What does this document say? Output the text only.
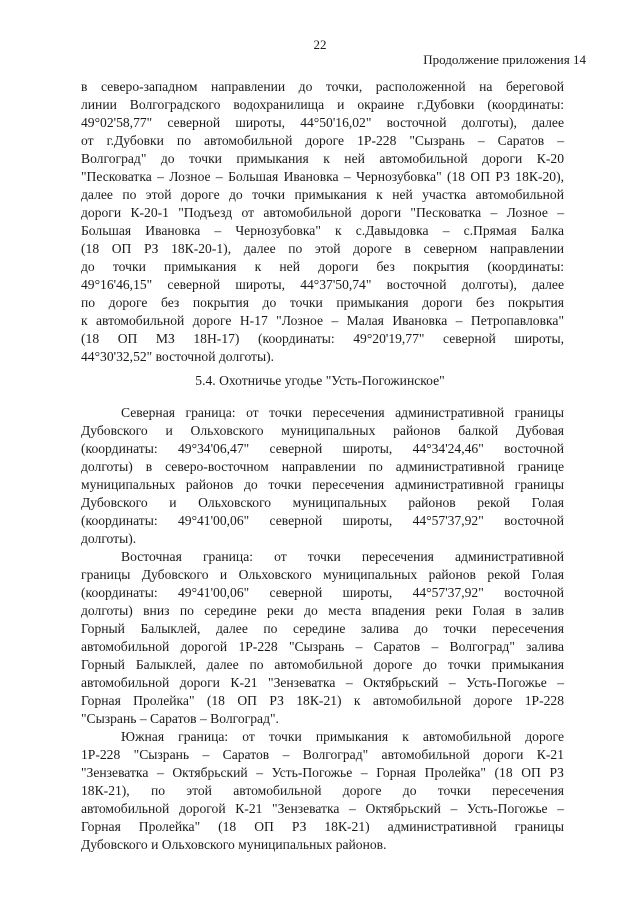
22
Продолжение приложения 14
в северо-западном направлении до точки, расположенной на береговой
линии Волгоградского водохранилища и окраине г.Дубовки (координаты:
49°02'58,77" северной широты, 44°50'16,02" восточной долготы), далее
от г.Дубовки по автомобильной дороге 1Р-228 "Сызрань – Саратов –
Волгоград" до точки примыкания к ней автомобильной дороги К-20
"Песковатка – Лозное – Большая Ивановка – Чернозубовка" (18 ОП РЗ 18К-20),
далее по этой дороге до точки примыкания к ней участка автомобильной
дороги К-20-1 "Подъезд от автомобильной дороги "Песковатка – Лозное –
Большая Ивановка – Чернозубовка" к с.Давыдовка – с.Прямая Балка
(18 ОП РЗ 18К-20-1), далее по этой дороге в северном направлении
до точки примыкания к ней дороги без покрытия (координаты:
49°16'46,15" северной широты, 44°37'50,74" восточной долготы), далее
по дороге без покрытия до точки примыкания дороги без покрытия
к автомобильной дороге Н-17 "Лозное – Малая Ивановка – Петропавловка"
(18 ОП МЗ 18Н-17) (координаты: 49°20'19,77" северной широты,
44°30'32,52" восточной долготы).
5.4. Охотничье угодье "Усть-Погожинское"
Северная граница: от точки пересечения административной границы
Дубовского и Ольховского муниципальных районов балкой Дубовая
(координаты: 49°34'06,47" северной широты, 44°34'24,46" восточной
долготы) в северо-восточном направлении по административной границе
муниципальных районов до точки пересечения административной границы
Дубовского и Ольховского муниципальных районов рекой Голая
(координаты: 49°41'00,06" северной широты, 44°57'37,92" восточной
долготы).
Восточная граница: от точки пересечения административной
границы Дубовского и Ольховского муниципальных районов рекой Голая
(координаты: 49°41'00,06" северной широты, 44°57'37,92" восточной
долготы) вниз по середине реки до места впадения реки Голая в залив
Горный Балыклей, далее по середине залива до точки пересечения
автомобильной дорогой 1Р-228 "Сызрань – Саратов – Волгоград" залива
Горный Балыклей, далее по автомобильной дороге до точки примыкания
автомобильной дороги К-21 "Зензеватка – Октябрьский – Усть-Погожье –
Горная Пролейка" (18 ОП РЗ 18К-21) к автомобильной дороге 1Р-228
"Сызрань – Саратов – Волгоград".
Южная граница: от точки примыкания к автомобильной дороге
1Р-228 "Сызрань – Саратов – Волгоград" автомобильной дороги К-21
"Зензеватка – Октябрьский – Усть-Погожье – Горная Пролейка" (18 ОП РЗ
18К-21), по этой автомобильной дороге до точки пересечения
автомобильной дорогой К-21 "Зензеватка – Октябрьский – Усть-Погожье –
Горная Пролейка" (18 ОП РЗ 18К-21) административной границы
Дубовского и Ольховского муниципальных районов.
